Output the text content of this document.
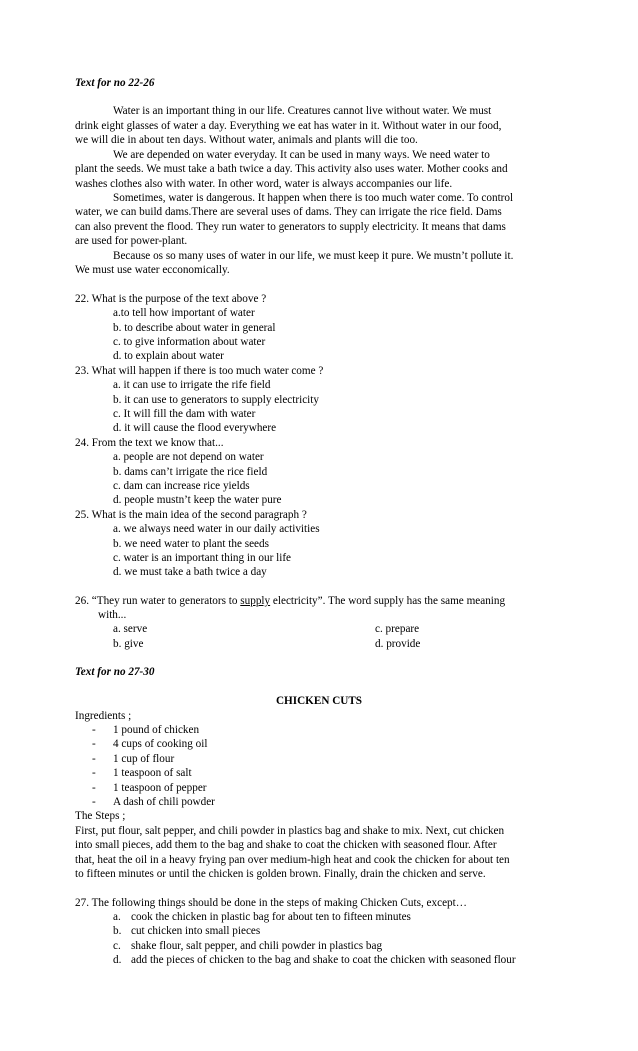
Text for no 22-26
Water is an important thing in our life. Creatures cannot live without water. We must
drink eight glasses of water a day. Everything we eat has water in it. Without water in our food,
we will die in about ten days. Without water, animals and plants will die too.
We are depended on water everyday. It can be used in many ways. We need water to
plant the seeds. We must take a bath twice a day. This activity also uses water. Mother cooks and
washes clothes also with water. In other word, water is always accompanies our life.
Sometimes, water is dangerous. It happen when there is too much water come. To control
water, we can build dams.There are several uses of dams. They can irrigate the rice field. Dams
can also prevent the flood. They run water to generators to supply electricity. It means that dams
are used for power-plant.
Because os so many uses of water in our life, we must keep it pure. We mustn’t pollute it.
We must use water ecconomically.
22. What is the purpose of the text above ?
a.to tell how important of water
b. to describe about water in general
c. to give information about water
d. to explain about water
23. What will happen if there is too much water come ?
a. it can use to irrigate the rife field
b. it can use to generators to supply electricity
c. It will fill the dam with water
d. it will cause the flood everywhere
24. From the text we know that...
a. people are not depend on water
b. dams can’t irrigate the rice field
c. dam can increase rice yields
d. people mustn’t keep the water pure
25. What is the main idea of the second paragraph ?
a. we always need water in our daily activities
b. we need water to plant the seeds
c. water is an important thing in our life
d. we must take a bath twice a day
26. “They run water to generators to supply electricity”. The word supply has the same meaning
with...
a. serve
b. give
c. prepare
d. provide
Text for no 27-30
CHICKEN CUTS
Ingredients ;
- 1 pound of chicken
- 4 cups of cooking oil
- 1 cup of flour
- 1 teaspoon of salt
- 1 teaspoon of pepper
- A dash of chili powder
The Steps ;
First, put flour, salt pepper, and chili powder in plastics bag and shake to mix. Next, cut chicken
into small pieces, add them to the bag and shake to coat the chicken with seasoned flour. After
that, heat the oil in a heavy frying pan over medium-high heat and cook the chicken for about ten
to fifteen minutes or until the chicken is golden brown. Finally, drain the chicken and serve.
27. The following things should be done in the steps of making Chicken Cuts, except…
a. cook the chicken in plastic bag for about ten to fifteen minutes
b. cut chicken into small pieces
c. shake flour, salt pepper, and chili powder in plastics bag
d. add the pieces of chicken to the bag and shake to coat the chicken with seasoned flour
